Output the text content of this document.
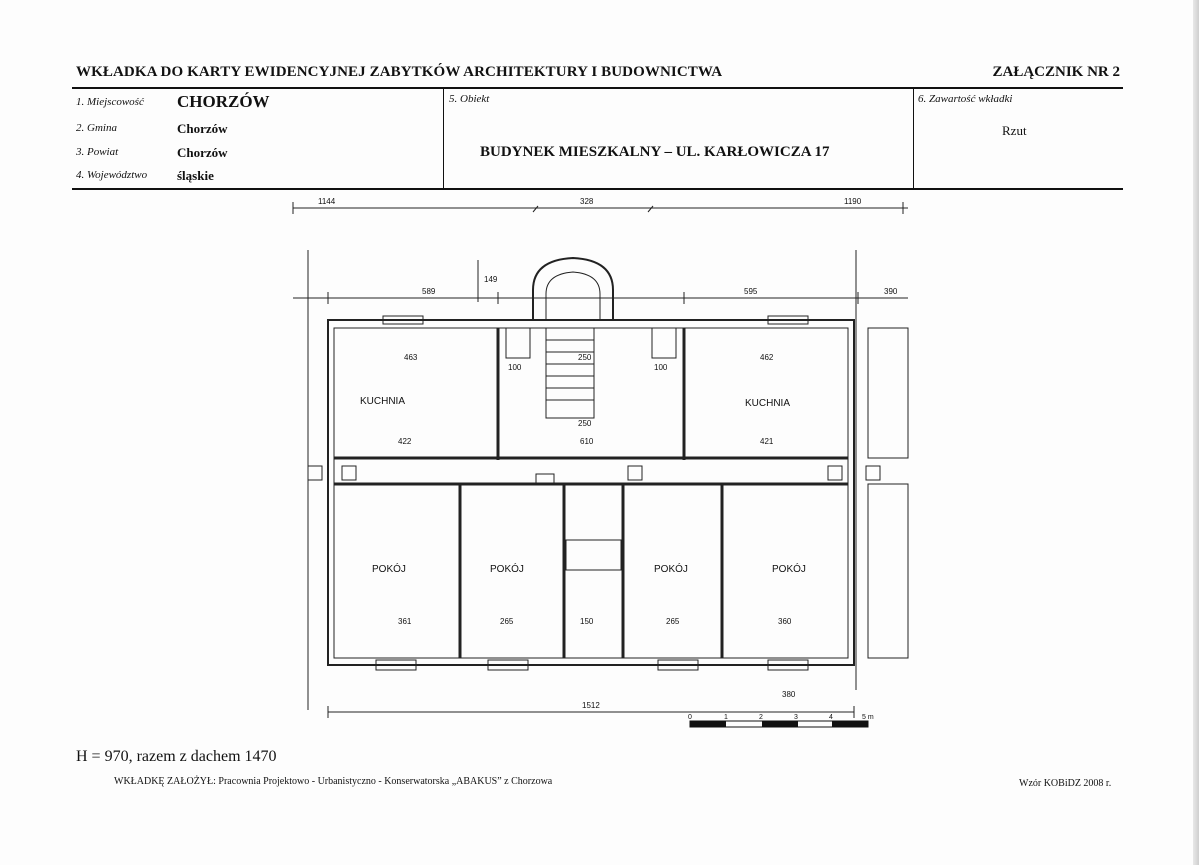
WKŁADKA DO KARTY EWIDENCYJNEJ ZABYTKÓW ARCHITEKTURY I BUDOWNICTWA	ZAŁĄCZNIK NR 2
1. Miejscowość CHORZÓW
2. Gmina	Chorzów
3. Powiat	Chorzów
4. Województwo śląskie
5. Obiekt
BUDYNEK MIESZKALNY – UL. KARŁOWICZA 17
6. Zawartość wkładki
Rzut
1144	328	1190
589
149
595	390
463	250
100	100
462
422
250
610	421
361	265	150	265	360
380
1512
KUCHNIA	KUCHNIA
POKÓJ	POKÓJ	POKÓJ	POKÓJ
0	1	2	3	4	5 m
H = 970, razem z dachem 1470
WKŁADKĘ ZAŁOŻYŁ: Pracownia Projektowo - Urbanistyczno - Konserwatorska „ABAKUS” z Chorzowa	Wzór KOBiDZ 2008 r.
